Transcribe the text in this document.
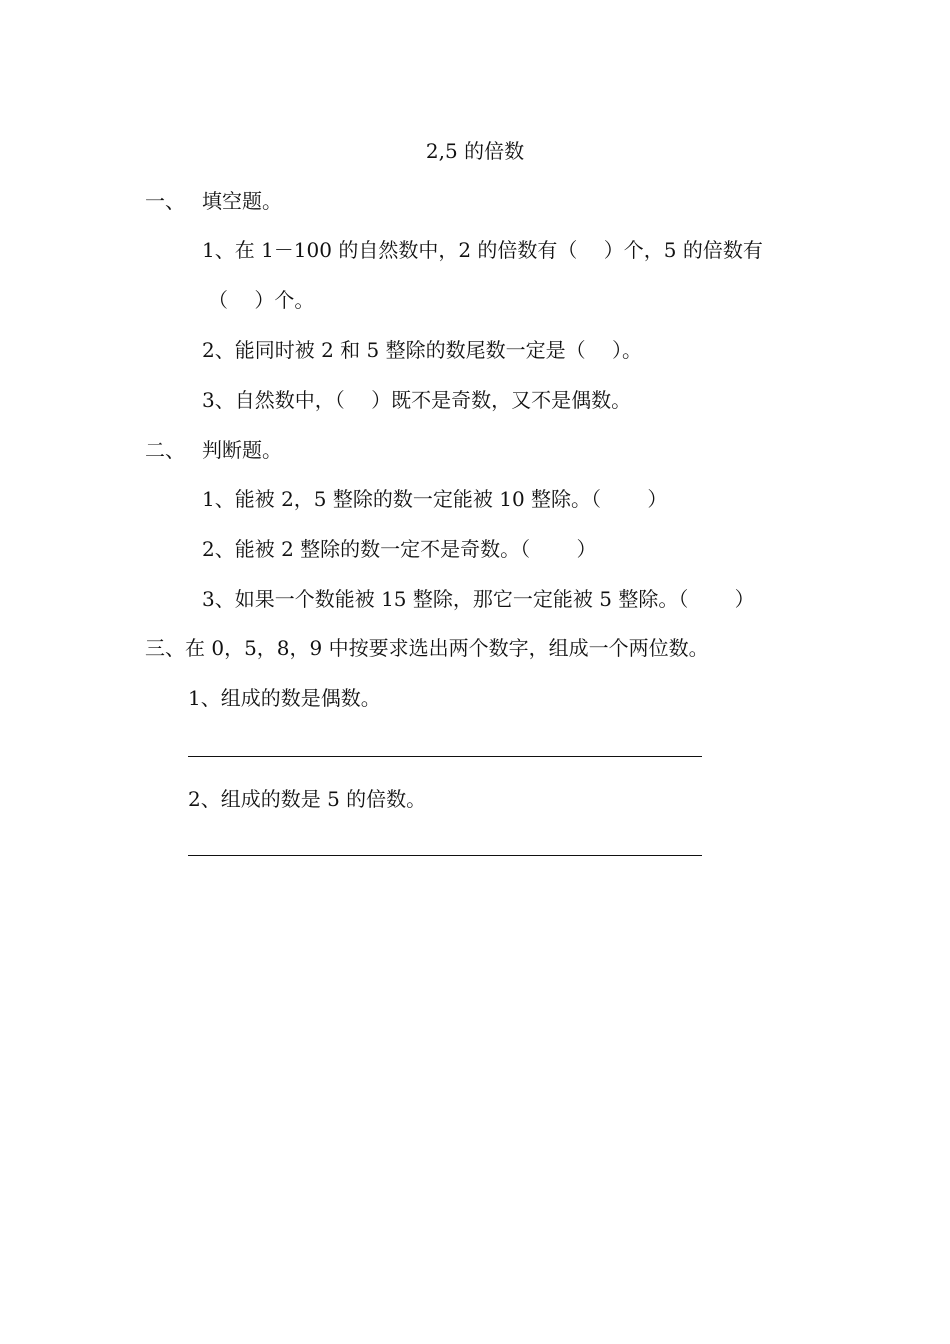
2,5 的倍数
一、 填空题。
1、在 1－100 的自然数中，2 的倍数有（　 ）个，5 的倍数有
（　 ）个。
2、能同时被 2 和 5 整除的数尾数一定是（　 ）。
3、自然数中，（　 ）既不是奇数，又不是偶数。
二、 判断题。
1、能被 2，5 整除的数一定能被 10 整除。（　　 ）
2、能被 2 整除的数一定不是奇数。（　　 ）
3、如果一个数能被 15 整除，那它一定能被 5 整除。（　　 ）
三、在 0，5，8，9 中按要求选出两个数字，组成一个两位数。
1、组成的数是偶数。
2、组成的数是 5 的倍数。
